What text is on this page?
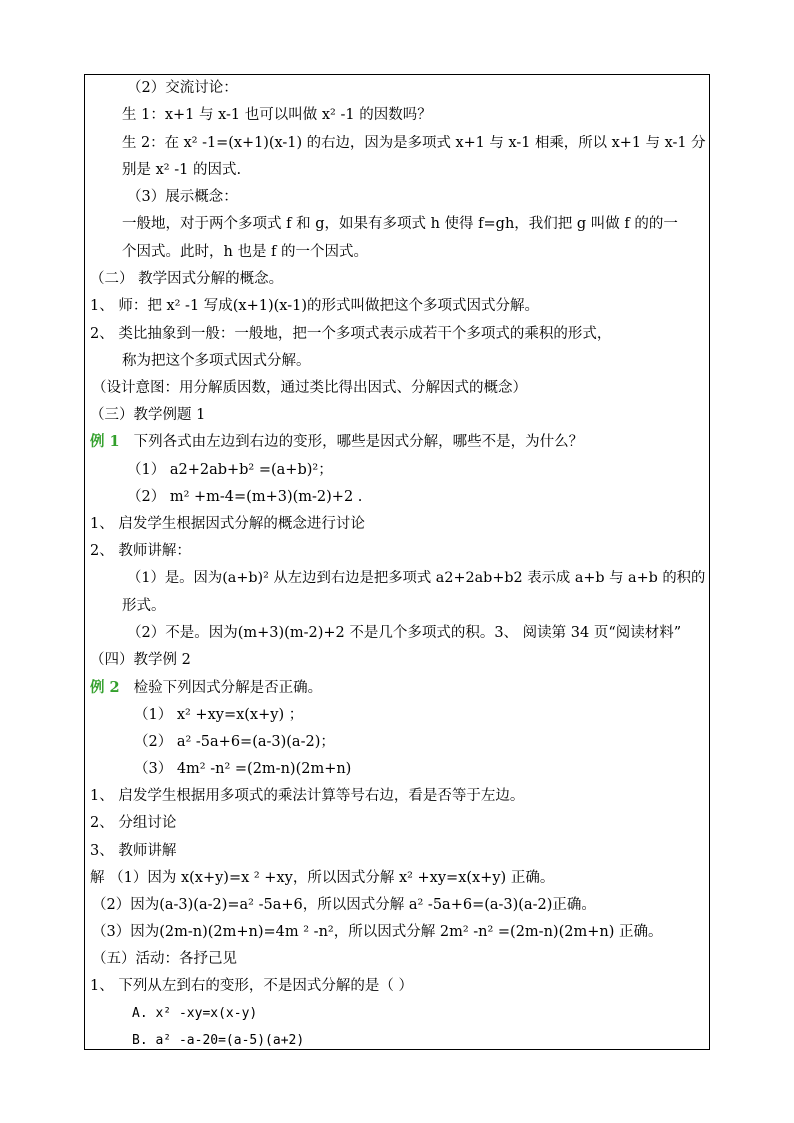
（2）交流讨论：
生 1：x+1 与 x-1 也可以叫做 x² -1 的因数吗？
生 2：在 x² -1=(x+1)(x-1) 的右边，因为是多项式 x+1 与 x-1 相乘，所以 x+1 与 x-1 分
别是 x² -1 的因式.
（3）展示概念：
一般地，对于两个多项式 f 和 g，如果有多项式 h 使得 f=gh，我们把 g 叫做 f 的的一
个因式。此时，h 也是 f 的一个因式。
（二） 教学因式分解的概念。
1、 师：把 x² -1 写成(x+1)(x-1)的形式叫做把这个多项式因式分解。
2、 类比抽象到一般：一般地，把一个多项式表示成若干个多项式的乘积的形式，
称为把这个多项式因式分解。
（设计意图：用分解质因数，通过类比得出因式、分解因式的概念）
（三）教学例题 1
例 1 下列各式由左边到右边的变形，哪些是因式分解，哪些不是，为什么？
（1） a2+2ab+b² =(a+b)²；
（2） m² +m-4=(m+3)(m-2)+2 .
1、 启发学生根据因式分解的概念进行讨论
2、 教师讲解：
（1）是。因为(a+b)² 从左边到右边是把多项式 a2+2ab+b2 表示成 a+b 与 a+b 的积的
形式。
（2）不是。因为(m+3)(m-2)+2 不是几个多项式的积。3、 阅读第 34 页“阅读材料”
（四）教学例 2
例 2 检验下列因式分解是否正确。
（1） x² +xy=x(x+y) ；
（2） a² -5a+6=(a-3)(a-2)；
（3） 4m² -n² =(2m-n)(2m+n)
1、 启发学生根据用多项式的乘法计算等号右边，看是否等于左边。
2、 分组讨论
3、 教师讲解
解 （1）因为 x(x+y)=x ² +xy，所以因式分解 x² +xy=x(x+y) 正确。
（2）因为(a-3)(a-2)=a² -5a+6，所以因式分解 a² -5a+6=(a-3)(a-2)正确。
（3）因为(2m-n)(2m+n)=4m ² -n²，所以因式分解 2m² -n² =(2m-n)(2m+n) 正确。
（五）活动：各抒己见
1、 下列从左到右的变形，不是因式分解的是（ ）
A. x² -xy=x(x-y)
B. a² -a-20=(a-5)(a+2)
